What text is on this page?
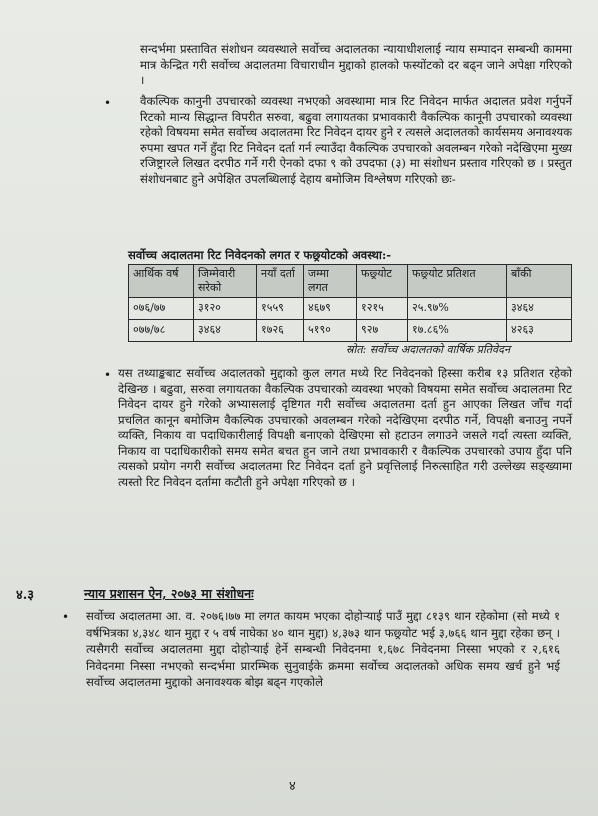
सन्दर्भमा प्रस्तावित संशोधन व्यवस्थाले सर्वोच्च अदालतका न्यायाधीशलाई न्याय सम्पादन सम्बन्धी काममा मात्र केन्द्रित गरी सर्वोच्च अदालतमा विचाराधीन मुद्दाको हालको फस्योंटको दर बढ्न जाने अपेक्षा गरिएको ।

• वैकल्पिक कानुनी उपचारको व्यवस्था नभएको अवस्थामा मात्र रिट निवेदन मार्फत अदालत प्रवेश गर्नुपर्ने रिटको मान्य सिद्धान्त विपरीत सरुवा, बढुवा लगायतका प्रभावकारी वैकल्पिक कानूनी उपचारको व्यवस्था रहेको विषयमा समेत सर्वोच्च अदालतमा रिट निवेदन दायर हुने र त्यसले अदालतको कार्यसमय अनावश्यक रुपमा खपत गर्ने हुँदा रिट निवेदन दर्ता गर्न ल्याउँदा वैकल्पिक उपचारको अवलम्बन गरेको नदेखिएमा मुख्य रजिष्ट्रारले लिखत दरपीठ गर्ने गरी ऐनको दफा ९ को उपदफा (३) मा संशोधन प्रस्ताव गरिएको छ । प्रस्तुत संशोधनबाट हुने अपेक्षित उपलब्धिलाई देहाय बमोजिम विश्लेषण गरिएको छः-

सर्वोच्च अदालतमा रिट निवेदनको लगत र फछ्र्योटको अवस्था:-

आर्थिक वर्ष	जिम्मेवारी सरेको	नयाँ दर्ता	जम्मा लगत	फछ्र्योट	फछ्र्योट प्रतिशत	बाँकी
०७६/७७	३१२०	१५५९	४६७९	१२१५	२५.९७%	३४६४
०७७/७८	३४६४	१७२६	५१९०	९२७	१७.८६%	४२६३
स्रोत: सर्वोच्च अदालतको वार्षिक प्रतिवेदन
• यस तथ्याङ्कबाट सर्वोच्च अदालतको मुद्दाको कुल लगत मध्ये रिट निवेदनको हिस्सा करीब १३ प्रतिशत रहेको देखिन्छ । बढुवा, सरुवा लगायतका वैकल्पिक उपचारको व्यवस्था भएको विषयमा समेत सर्वोच्च अदालतमा रिट निवेदन दायर हुने गरेको अभ्यासलाई दृष्टिगत गरी सर्वोच्च अदालतमा दर्ता हुन आएका लिखत जाँच गर्दा प्रचलित कानून बमोजिम वैकल्पिक उपचारको अवलम्बन गरेको नदेखिएमा दरपीठ गर्ने, विपक्षी बनाउनु नपर्ने व्यक्ति, निकाय वा पदाधिकारीलाई विपक्षी बनाएको देखिएमा सो हटाउन लगाउने जसले गर्दा त्यस्ता व्यक्ति, निकाय वा पदाधिकारीको समय समेत बचत हुन जाने तथा प्रभावकारी र वैकल्पिक उपचारको उपाय हुँदा पनि त्यसको प्रयोग नगरी सर्वोच्च अदालतमा रिट निवेदन दर्ता हुने प्रवृत्तिलाई निरुत्साहित गरी उल्लेख्य सङ्ख्यामा त्यस्तो रिट निवेदन दर्तामा कटौती हुने अपेक्षा गरिएको छ ।

४.३	न्याय प्रशासन ऐन, २०७३ मा संशोधनः
• सर्वोच्च अदालतमा आ. व. २०७६।७७ मा लगत कायम भएका दोहोऱ्याई पाउँ मुद्दा ८१३९ थान रहेकोमा (सो मध्ये १ वर्षभित्रका ४,३४८ थान मुद्दा र ५ वर्ष नाघेका ४० थान मुद्दा) ४,३७३ थान फछ्र्योट भई ३,७६६ थान मुद्दा रहेका छन् । त्यसैगरी सर्वोच्च अदालतमा मुद्दा दोहोऱ्याई हेर्ने सम्बन्धी निवेदनमा १,६७८ निवेदनमा निस्सा भएको र २,६१६ निवेदनमा निस्सा नभएको सन्दर्भमा प्रारम्भिक सुनुवाईके क्रममा सर्वोच्च अदालतको अधिक समय खर्च हुने भई सर्वोच्च अदालतमा मुद्दाको अनावश्यक बोझ बढ्न गएकोले

४
